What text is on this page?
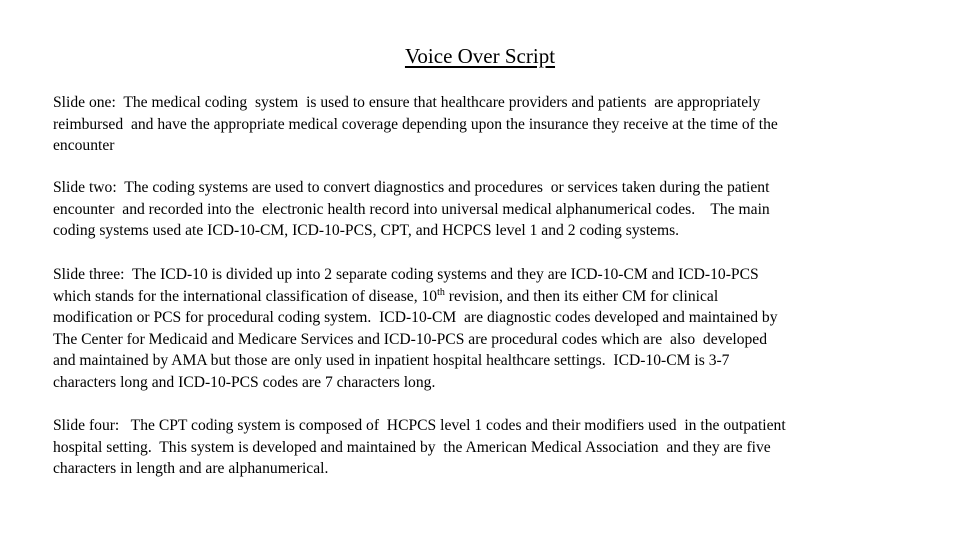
Voice Over Script
Slide one:  The medical coding  system  is used to ensure that healthcare providers and patients  are appropriately
reimbursed  and have the appropriate medical coverage depending upon the insurance they receive at the time of the
encounter
Slide two:  The coding systems are used to convert diagnostics and procedures  or services taken during the patient
encounter  and recorded into the  electronic health record into universal medical alphanumerical codes.    The main
coding systems used ate ICD-10-CM, ICD-10-PCS, CPT, and HCPCS level 1 and 2 coding systems.
Slide three:  The ICD-10 is divided up into 2 separate coding systems and they are ICD-10-CM and ICD-10-PCS
which stands for the international classification of disease, 10th revision, and then its either CM for clinical
modification or PCS for procedural coding system.  ICD-10-CM  are diagnostic codes developed and maintained by
The Center for Medicaid and Medicare Services and ICD-10-PCS are procedural codes which are  also  developed
and maintained by AMA but those are only used in inpatient hospital healthcare settings.  ICD-10-CM is 3-7
characters long and ICD-10-PCS codes are 7 characters long.
Slide four:   The CPT coding system is composed of  HCPCS level 1 codes and their modifiers used  in the outpatient
hospital setting.  This system is developed and maintained by  the American Medical Association  and they are five
characters in length and are alphanumerical.
